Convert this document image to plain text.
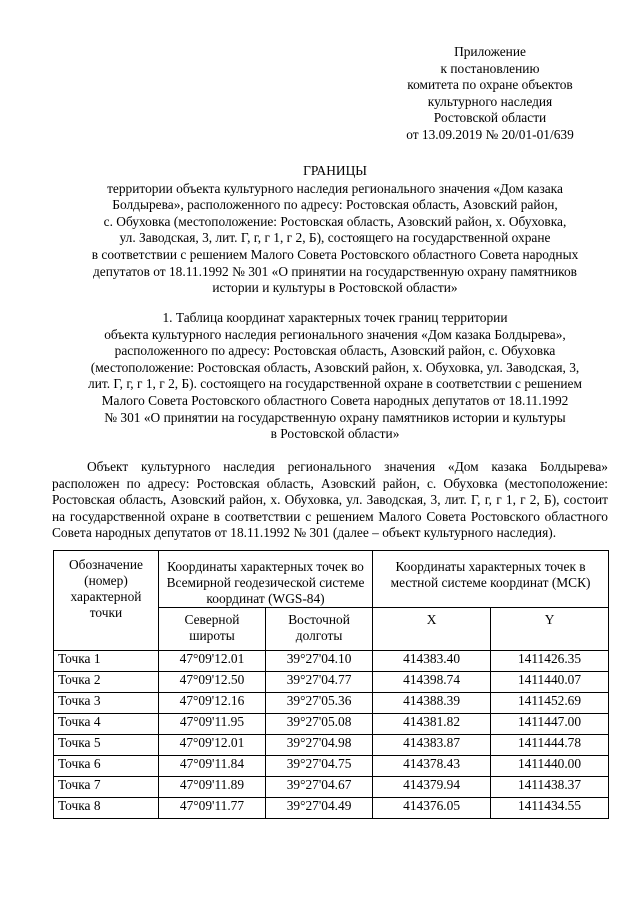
Приложение
к постановлению
комитета по охране объектов
культурного наследия
Ростовской области
от 13.09.2019 № 20/01-01/639
ГРАНИЦЫ
территории объекта культурного наследия регионального значения «Дом казака
Болдырева», расположенного по адресу: Ростовская область, Азовский район,
с. Обуховка (местоположение: Ростовская область, Азовский район, х. Обуховка,
ул. Заводская, 3, лит. Г, г, г 1, г 2, Б), состоящего на государственной охране
в соответствии с решением Малого Совета Ростовского областного Совета народных
депутатов от 18.11.1992 № 301 «О принятии на государственную охрану памятников
истории и культуры в Ростовской области»
1. Таблица координат характерных точек границ территории
объекта культурного наследия регионального значения «Дом казака Болдырева»,
расположенного по адресу: Ростовская область, Азовский район, с. Обуховка
(местоположение: Ростовская область, Азовский район, х. Обуховка, ул. Заводская, 3,
лит. Г, г, г 1, г 2, Б). состоящего на государственной охране в соответствии с решением
Малого Совета Ростовского областного Совета народных депутатов от 18.11.1992
№ 301 «О принятии на государственную охрану памятников истории и культуры
в Ростовской области»
Объект культурного наследия регионального значения «Дом казака Болдырева» расположен по адресу: Ростовская область, Азовский район, с. Обуховка (местоположение: Ростовская область, Азовский район, х. Обуховка, ул. Заводская, 3, лит. Г, г, г 1, г 2, Б), состоит на государственной охране в соответствии с решением Малого Совета Ростовского областного Совета народных депутатов от 18.11.1992 № 301 (далее – объект культурного наследия).
Обозначение (номер) характерной точки	Координаты характерных точек во Всемирной геодезической системе координат (WGS-84)		Координаты характерных точек в местной системе координат (МСК)	
	Северной широты	Восточной долготы	X	Y
Точка 1	47°09'12.01	39°27'04.10	414383.40	1411426.35
Точка 2	47°09'12.50	39°27'04.77	414398.74	1411440.07
Точка 3	47°09'12.16	39°27'05.36	414388.39	1411452.69
Точка 4	47°09'11.95	39°27'05.08	414381.82	1411447.00
Точка 5	47°09'12.01	39°27'04.98	414383.87	1411444.78
Точка 6	47°09'11.84	39°27'04.75	414378.43	1411440.00
Точка 7	47°09'11.89	39°27'04.67	414379.94	1411438.37
Точка 8	47°09'11.77	39°27'04.49	414376.05	1411434.55
